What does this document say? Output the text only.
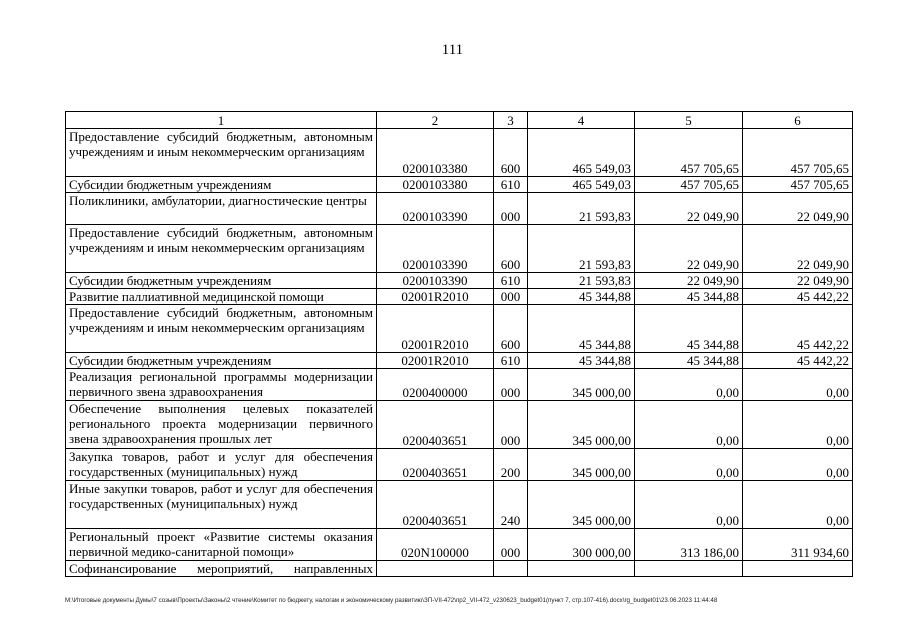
111
1	2	3	4	5	6
Предоставление субсидий бюджетным, автономным учреждениям и иным некоммерческим организациям	0200103380	600	465 549,03	457 705,65	457 705,65
Субсидии бюджетным учреждениям	0200103380	610	465 549,03	457 705,65	457 705,65
Поликлиники, амбулатории, диагностические центры	0200103390	000	21 593,83	22 049,90	22 049,90
Предоставление субсидий бюджетным, автономным учреждениям и иным некоммерческим организациям	0200103390	600	21 593,83	22 049,90	22 049,90
Субсидии бюджетным учреждениям	0200103390	610	21 593,83	22 049,90	22 049,90
Развитие паллиативной медицинской помощи	02001R2010	000	45 344,88	45 344,88	45 442,22
Предоставление субсидий бюджетным, автономным учреждениям и иным некоммерческим организациям	02001R2010	600	45 344,88	45 344,88	45 442,22
Субсидии бюджетным учреждениям	02001R2010	610	45 344,88	45 344,88	45 442,22
Реализация региональной программы модернизации первичного звена здравоохранения	0200400000	000	345 000,00	0,00	0,00
Обеспечение выполнения целевых показателей регионального проекта модернизации первичного звена здравоохранения прошлых лет	0200403651	000	345 000,00	0,00	0,00
Закупка товаров, работ и услуг для обеспечения государственных (муниципальных) нужд	0200403651	200	345 000,00	0,00	0,00
Иные закупки товаров, работ и услуг для обеспечения государственных (муниципальных) нужд	0200403651	240	345 000,00	0,00	0,00
Региональный проект «Развитие системы оказания первичной медико-санитарной помощи»	020N100000	000	300 000,00	313 186,00	311 934,60
Софинансирование мероприятий, направленных					
M:\Итоговые документы Думы\7 созыв\Проекты\Законы\2 чтение\Комитет по бюджету, налогам и экономическому развитию\ЗП-VII-472\пр2_VII-472_v230623_budget01(пункт 7, стр.107-416).docx\rg_budget01\23.06.2023 11:44:48
